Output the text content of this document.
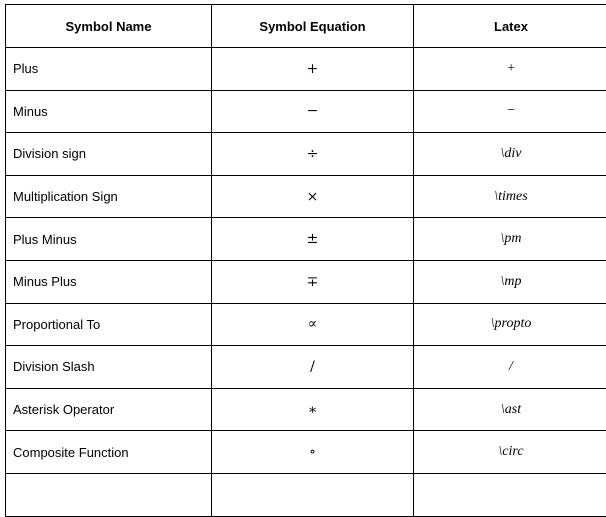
Symbol Name	Symbol Equation	Latex
Plus	+	+
Minus	−	−
Division sign	÷	\div
Multiplication Sign	×	\times
Plus Minus	±	\pm
Minus Plus	∓	\mp
Proportional To	∝	\propto
Division Slash	/	/
Asterisk Operator	∗	\ast
Composite Function	∘	\circ
